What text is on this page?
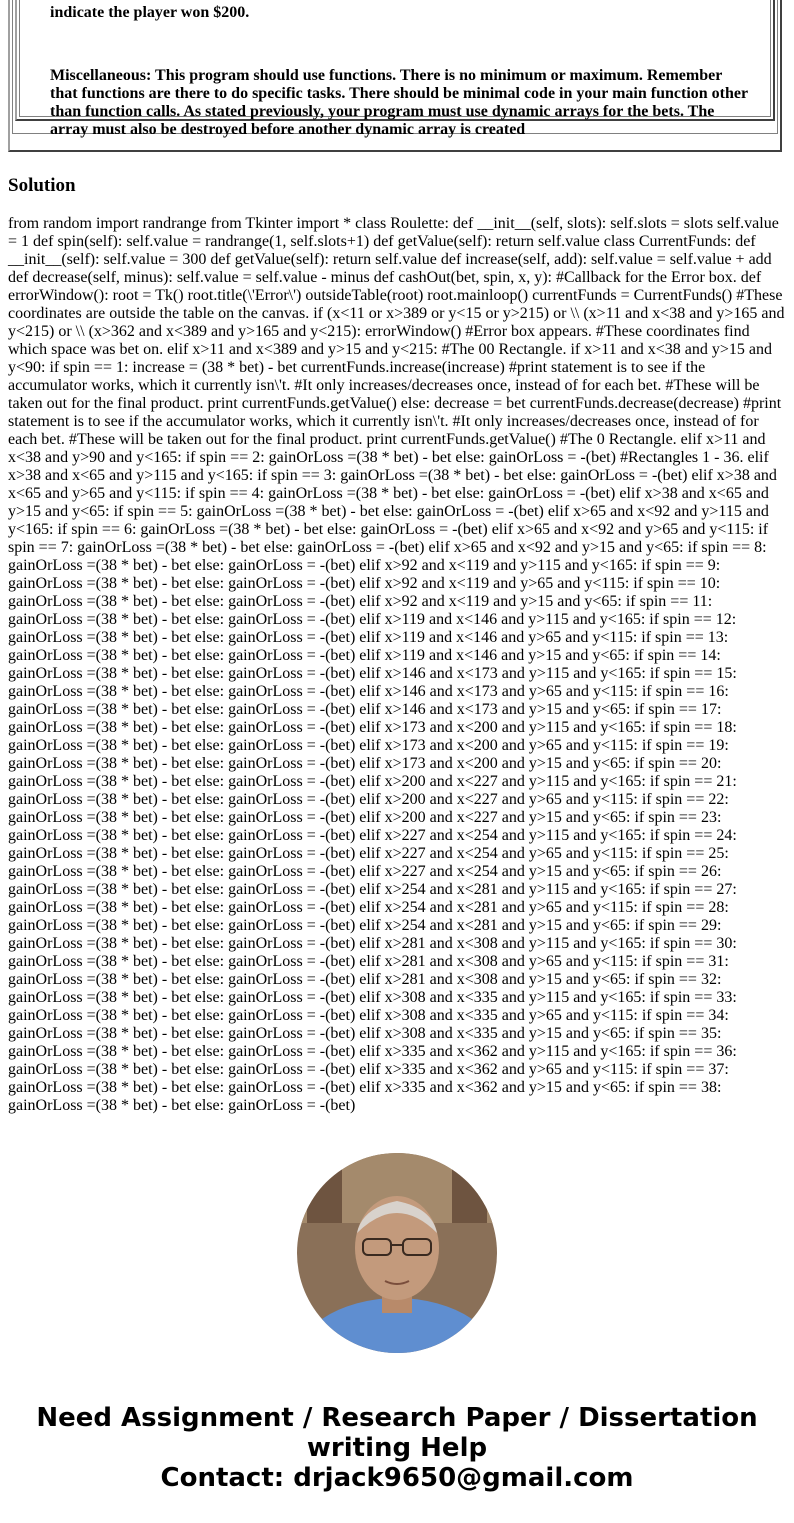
indicate the player won $200.

Miscellaneous: This program should use functions. There is no minimum or maximum. Remember that functions are there to do specific tasks. There should be minimal code in your main function other than function calls. As stated previously, your program must use dynamic arrays for the bets. The array must also be destroyed before another dynamic array is created

Solution

from random import randrange from Tkinter import * class Roulette: def __init__(self, slots): self.slots = slots self.value = 1 def spin(self): self.value = randrange(1, self.slots+1) def getValue(self): return self.value class CurrentFunds: def __init__(self): self.value = 300 def getValue(self): return self.value def increase(self, add): self.value = self.value + add def decrease(self, minus): self.value = self.value - minus def cashOut(bet, spin, x, y): #Callback for the Error box. def errorWindow(): root = Tk() root.title(\'Error\') outsideTable(root) root.mainloop() currentFunds = CurrentFunds() #These coordinates are outside the table on the canvas. if (x<11 or x>389 or y<15 or y>215) or \\ (x>11 and x<38 and y>165 and y<215) or \\ (x>362 and x<389 and y>165 and y<215): errorWindow() #Error box appears. #These coordinates find which space was bet on. elif x>11 and x<389 and y>15 and y<215: #The 00 Rectangle. if x>11 and x<38 and y>15 and y<90: if spin == 1: increase = (38 * bet) - bet currentFunds.increase(increase) #print statement is to see if the accumulator works, which it currently isn\'t. #It only increases/decreases once, instead of for each bet. #These will be taken out for the final product. print currentFunds.getValue() else: decrease = bet currentFunds.decrease(decrease) #print statement is to see if the accumulator works, which it currently isn\'t. #It only increases/decreases once, instead of for each bet. #These will be taken out for the final product. print currentFunds.getValue() #The 0 Rectangle. elif x>11 and x<38 and y>90 and y<165: if spin == 2: gainOrLoss =(38 * bet) - bet else: gainOrLoss = -(bet) #Rectangles 1 - 36. elif x>38 and x<65 and y>115 and y<165: if spin == 3: gainOrLoss =(38 * bet) - bet else: gainOrLoss = -(bet) elif x>38 and x<65 and y>65 and y<115: if spin == 4: gainOrLoss =(38 * bet) - bet else: gainOrLoss = -(bet) elif x>38 and x<65 and y>15 and y<65: if spin == 5: gainOrLoss =(38 * bet) - bet else: gainOrLoss = -(bet) elif x>65 and x<92 and y>115 and y<165: if spin == 6: gainOrLoss =(38 * bet) - bet else: gainOrLoss = -(bet) elif x>65 and x<92 and y>65 and y<115: if spin == 7: gainOrLoss =(38 * bet) - bet else: gainOrLoss = -(bet) elif x>65 and x<92 and y>15 and y<65: if spin == 8: gainOrLoss =(38 * bet) - bet else: gainOrLoss = -(bet) elif x>92 and x<119 and y>115 and y<165: if spin == 9: gainOrLoss =(38 * bet) - bet else: gainOrLoss = -(bet) elif x>92 and x<119 and y>65 and y<115: if spin == 10: gainOrLoss =(38 * bet) - bet else: gainOrLoss = -(bet) elif x>92 and x<119 and y>15 and y<65: if spin == 11: gainOrLoss =(38 * bet) - bet else: gainOrLoss = -(bet) elif x>119 and x<146 and y>115 and y<165: if spin == 12: gainOrLoss =(38 * bet) - bet else: gainOrLoss = -(bet) elif x>119 and x<146 and y>65 and y<115: if spin == 13: gainOrLoss =(38 * bet) - bet else: gainOrLoss = -(bet) elif x>119 and x<146 and y>15 and y<65: if spin == 14: gainOrLoss =(38 * bet) - bet else: gainOrLoss = -(bet) elif x>146 and x<173 and y>115 and y<165: if spin == 15: gainOrLoss =(38 * bet) - bet else: gainOrLoss = -(bet) elif x>146 and x<173 and y>65 and y<115: if spin == 16: gainOrLoss =(38 * bet) - bet else: gainOrLoss = -(bet) elif x>146 and x<173 and y>15 and y<65: if spin == 17: gainOrLoss =(38 * bet) - bet else: gainOrLoss = -(bet) elif x>173 and x<200 and y>115 and y<165: if spin == 18: gainOrLoss =(38 * bet) - bet else: gainOrLoss = -(bet) elif x>173 and x<200 and y>65 and y<115: if spin == 19: gainOrLoss =(38 * bet) - bet else: gainOrLoss = -(bet) elif x>173 and x<200 and y>15 and y<65: if spin == 20: gainOrLoss =(38 * bet) - bet else: gainOrLoss = -(bet) elif x>200 and x<227 and y>115 and y<165: if spin == 21: gainOrLoss =(38 * bet) - bet else: gainOrLoss = -(bet) elif x>200 and x<227 and y>65 and y<115: if spin == 22: gainOrLoss =(38 * bet) - bet else: gainOrLoss = -(bet) elif x>200 and x<227 and y>15 and y<65: if spin == 23: gainOrLoss =(38 * bet) - bet else: gainOrLoss = -(bet) elif x>227 and x<254 and y>115 and y<165: if spin == 24: gainOrLoss =(38 * bet) - bet else: gainOrLoss = -(bet) elif x>227 and x<254 and y>65 and y<115: if spin == 25: gainOrLoss =(38 * bet) - bet else: gainOrLoss = -(bet) elif x>227 and x<254 and y>15 and y<65: if spin == 26: gainOrLoss =(38 * bet) - bet else: gainOrLoss = -(bet) elif x>254 and x<281 and y>115 and y<165: if spin == 27: gainOrLoss =(38 * bet) - bet else: gainOrLoss = -(bet) elif x>254 and x<281 and y>65 and y<115: if spin == 28: gainOrLoss =(38 * bet) - bet else: gainOrLoss = -(bet) elif x>254 and x<281 and y>15 and y<65: if spin == 29: gainOrLoss =(38 * bet) - bet else: gainOrLoss = -(bet) elif x>281 and x<308 and y>115 and y<165: if spin == 30: gainOrLoss =(38 * bet) - bet else: gainOrLoss = -(bet) elif x>281 and x<308 and y>65 and y<115: if spin == 31: gainOrLoss =(38 * bet) - bet else: gainOrLoss = -(bet) elif x>281 and x<308 and y>15 and y<65: if spin == 32: gainOrLoss =(38 * bet) - bet else: gainOrLoss = -(bet) elif x>308 and x<335 and y>115 and y<165: if spin == 33: gainOrLoss =(38 * bet) - bet else: gainOrLoss = -(bet) elif x>308 and x<335 and y>65 and y<115: if spin == 34: gainOrLoss =(38 * bet) - bet else: gainOrLoss = -(bet) elif x>308 and x<335 and y>15 and y<65: if spin == 35: gainOrLoss =(38 * bet) - bet else: gainOrLoss = -(bet) elif x>335 and x<362 and y>115 and y<165: if spin == 36: gainOrLoss =(38 * bet) - bet else: gainOrLoss = -(bet) elif x>335 and x<362 and y>65 and y<115: if spin == 37: gainOrLoss =(38 * bet) - bet else: gainOrLoss = -(bet) elif x>335 and x<362 and y>15 and y<65: if spin == 38: gainOrLoss =(38 * bet) - bet else: gainOrLoss = -(bet)

Need Assignment / Research Paper / Dissertation writing Help
Contact: drjack9650@gmail.com
